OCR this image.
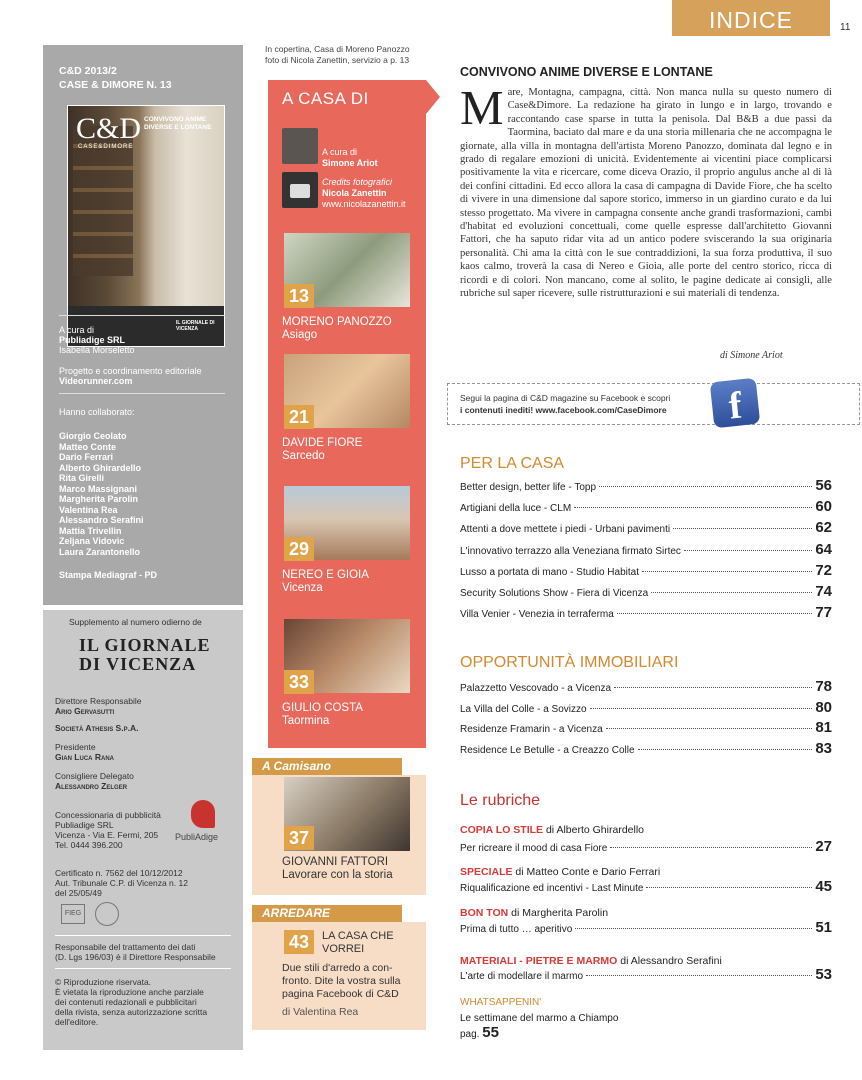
INDICE	11
C&D 2013/2
CASE & DIMORE N. 13
C&D
CASE&DIMORE
CONVIVONO ANIME DIVERSE E LONTANE
IL GIORNALE DI VICENZA
A cura di
Publiadige SRL
Isabella Morseletto
Progetto e coordinamento editoriale
Videorunner.com
Hanno collaborato:
Giorgio Ceolato
Matteo Conte
Dario Ferrari
Alberto Ghirardello
Rita Girelli
Marco Massignani
Margherita Parolin
Valentina Rea
Alessandro Serafini
Mattia Trivellin
Zeljana Vidovic
Laura Zarantonello
Stampa Mediagraf - PD
Supplemento al numero odierno de
IL GIORNALE
DI VICENZA
Direttore Responsabile
Ario Gervasutti
Società Athesis S.p.A.
Presidente
Gian Luca Rana
Consigliere Delegato
Alessandro Zelger
Concessionaria di pubblicità
Publiadige SRL
Vicenza - Via E. Fermi, 205
Tel. 0444 396.200
PubliAdige
Certificato n. 7562 del 10/12/2012
Aut. Tribunale C.P. di Vicenza n. 12
del 25/05/49
FIEG
Responsabile del trattamento dei dati
(D. Lgs 196/03) è il Direttore Responsabile
© Riproduzione riservata.
È vietata la riproduzione anche parziale
dei contenuti redazionali e pubblicitari
della rivista, senza autorizzazione scritta
dell'editore.
In copertina, Casa di Moreno Panozzo
foto di Nicola Zanettin, servizio a p. 13
A CASA DI
A cura di
Simone Ariot
Credits fotografici
Nicola Zanettin
www.nicolazanettin.it
13
MORENO PANOZZO
Asiago
21
DAVIDE FIORE
Sarcedo
29
NEREO E GIOIA
Vicenza
33
GIULIO COSTA
Taormina
A Camisano
37
GIOVANNI FATTORI
Lavorare con la storia
ARREDARE
43	LA CASA CHE
VORREI
Due stili d'arredo a con-
fronto. Dite la vostra sulla
pagina Facebook di C&D
di Valentina Rea
CONVIVONO ANIME DIVERSE E LONTANE
Mare, Montagna, campagna, città. Non manca nulla su questo numero di Case&Dimore. La redazione ha girato in lungo e in largo, trovando e raccontando case sparse in tutta la penisola. Dal B&B a due passi da Taormina, baciato dal mare e da una storia millenaria che ne accompagna le giornate, alla villa in montagna dell'artista Moreno Panozzo, dominata dal legno e in grado di regalare emozioni di unicità. Evidentemente ai vicentini piace complicarsi positivamente la vita e ricercare, come diceva Orazio, il proprio angulus anche al di là dei confini cittadini. Ed ecco allora la casa di campagna di Davide Fiore, che ha scelto di vivere in una dimensione dal sapore storico, immerso in un giardino curato e da lui stesso progettato. Ma vivere in campagna consente anche grandi trasformazioni, cambi d'habitat ed evoluzioni concettuali, come quelle espresse dall'architetto Giovanni Fattori, che ha saputo ridar vita ad un antico podere sviscerando la sua originaria personalità. Chi ama la città con le sue contraddizioni, la sua forza produttiva, il suo kaos calmo, troverà la casa di Nereo e Gioia, alle porte del centro storico, ricca di ricordi e di colori. Non mancano, come al solito, le pagine dedicate ai consigli, alle rubriche sul saper ricevere, sulle ristrutturazioni e sui materiali di tendenza.
di Simone Ariot
Segui la pagina di C&D magazine su Facebook e scopri
i contenuti inediti! www.facebook.com/CaseDimore	f
PER LA CASA
Better design, better life - Topp	56
Artigiani della luce - CLM	60
Attenti a dove mettete i piedi - Urbani pavimenti	62
L'innovativo terrazzo alla Veneziana firmato Sirtec	64
Lusso a portata di mano - Studio Habitat	72
Security Solutions Show - Fiera di Vicenza	74
Villa Venier - Venezia in terraferma	77
OPPORTUNITÀ IMMOBILIARI
Palazzetto Vescovado - a Vicenza	78
La Villa del Colle - a Sovizzo	80
Residenze Framarin - a Vicenza	81
Residence Le Betulle - a Creazzo Colle	83
Le rubriche
COPIA LO STILE di Alberto Ghirardello
Per ricreare il mood di casa Fiore	27
SPECIALE di Matteo Conte e Dario Ferrari
Riqualificazione ed incentivi - Last Minute	45
BON TON di Margherita Parolin
Prima di tutto … aperitivo	51
MATERIALI - PIETRE E MARMO di Alessandro Serafini
L'arte di modellare il marmo	53
WHATSAPPENIN'
Le settimane del marmo a Chiampo
pag. 55
